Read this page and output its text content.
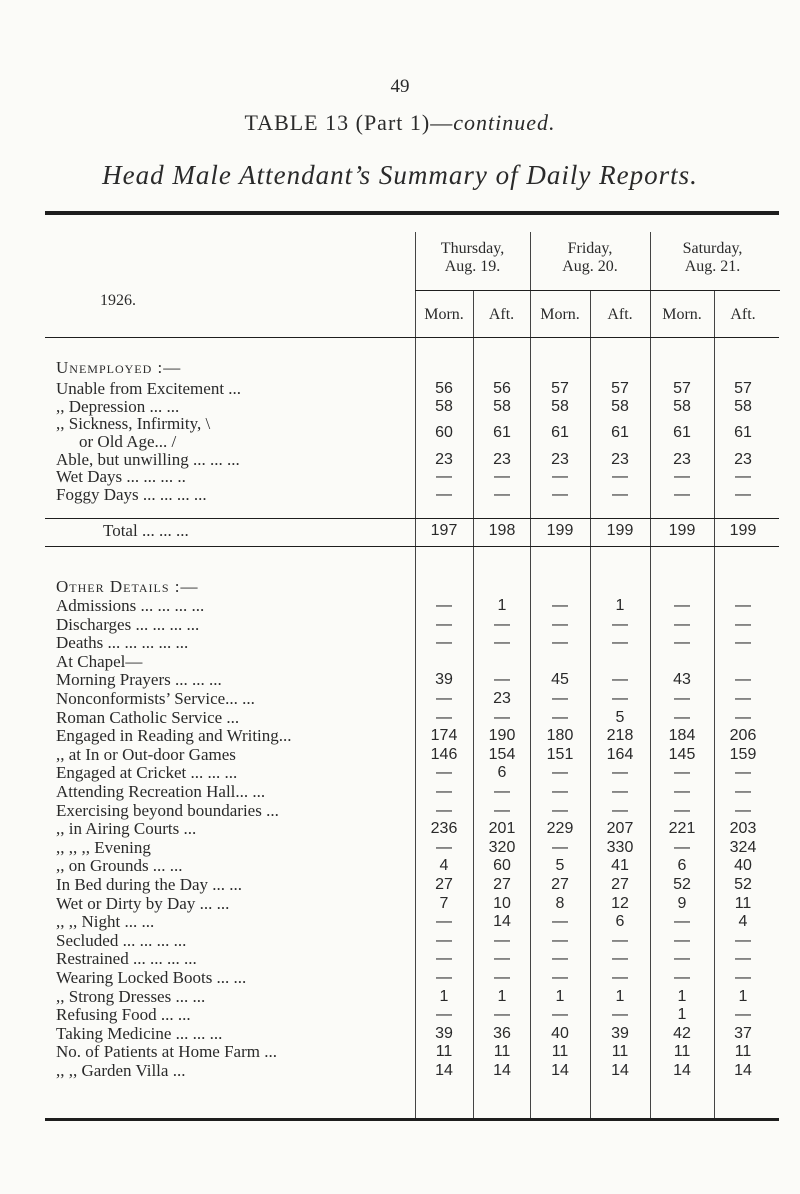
49
TABLE 13 (Part 1)—continued.
Head Male Attendant’s Summary of Daily Reports.
1926.
Thursday,
Aug. 19.
Friday,
Aug. 20.
Saturday,
Aug. 21.
Morn.	Aft.	Morn.	Aft.	Morn.	Aft.
Unemployed :—
Unable from Excitement ...	56	56	57	57	57	57
,, Depression ... ...	58	58	58	58	58	58
,, Sickness, Infirmity, \
or Old Age... /	60	61	61	61	61	61
Able, but unwilling ... ... ...	23	23	23	23	23	23
Wet Days ... ... ... ..	—	—	—	—	—	—
Foggy Days ... ... ... ...	—	—	—	—	—	—
Total ... ... ...	197	198	199	199	199	199
Other Details :—
Admissions ... ... ... ...	—	1	—	1	—	—
Discharges ... ... ... ...	—	—	—	—	—	—
Deaths ... ... ... ... ...	—	—	—	—	—	—
At Chapel—
Morning Prayers ... ... ...	39	—	45	—	43	—
Nonconformists’ Service... ...	—	23	—	—	—	—
Roman Catholic Service ...	—	—	—	5	—	—
Engaged in Reading and Writing...	174	190	180	218	184	206
,, at In or Out-door Games	146	154	151	164	145	159
Engaged at Cricket ... ... ...	—	6	—	—	—	—
Attending Recreation Hall... ...	—	—	—	—	—	—
Exercising beyond boundaries ...	—	—	—	—	—	—
,, in Airing Courts ...	236	201	229	207	221	203
,, ,, ,, Evening	—	320	—	330	—	324
,, on Grounds ... ...	4	60	5	41	6	40
In Bed during the Day ... ...	27	27	27	27	52	52
Wet or Dirty by Day ... ...	7	10	8	12	9	11
,, ,, Night ... ...	—	14	—	6	—	4
Secluded ... ... ... ...	—	—	—	—	—	—
Restrained ... ... ... ...	—	—	—	—	—	—
Wearing Locked Boots ... ...	—	—	—	—	—	—
,, Strong Dresses ... ...	1	1	1	1	1	1
Refusing Food ... ...	—	—	—	—	1	—
Taking Medicine ... ... ...	39	36	40	39	42	37
No. of Patients at Home Farm ...	11	11	11	11	11	11
,, ,, Garden Villa ...	14	14	14	14	14	14
